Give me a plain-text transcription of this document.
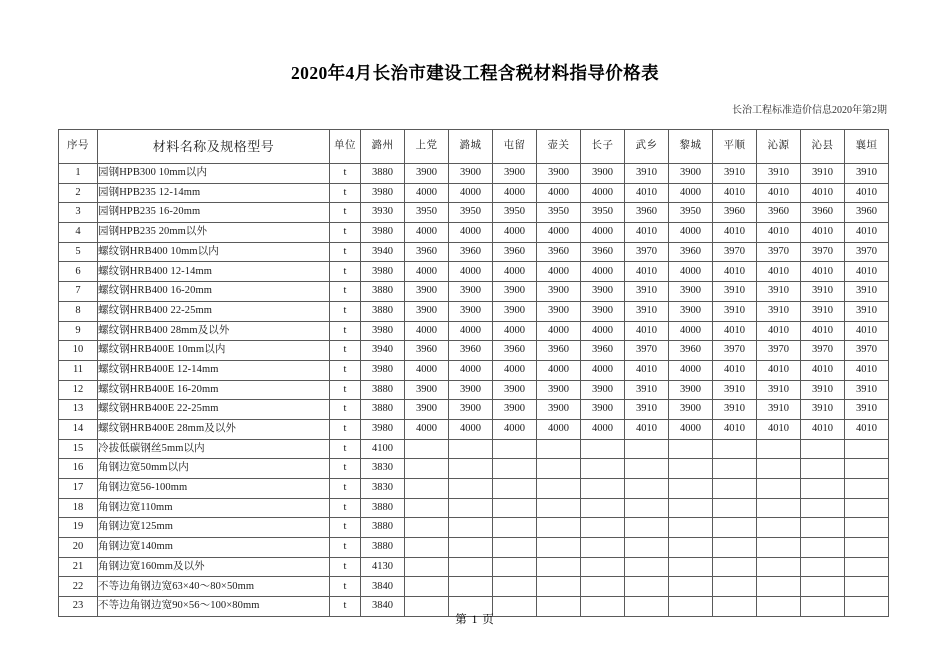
2020年4月长治市建设工程含税材料指导价格表
长治工程标准造价信息2020年第2期
序号	材料名称及规格型号	单位	潞州	上党	潞城	屯留	壶关	长子	武乡	黎城	平顺	沁源	沁县	襄垣
1	园钢HPB300 10mm以内	t	3880	3900	3900	3900	3900	3900	3910	3900	3910	3910	3910	3910
2	园钢HPB235 12-14mm	t	3980	4000	4000	4000	4000	4000	4010	4000	4010	4010	4010	4010
3	园钢HPB235 16-20mm	t	3930	3950	3950	3950	3950	3950	3960	3950	3960	3960	3960	3960
4	园钢HPB235 20mm以外	t	3980	4000	4000	4000	4000	4000	4010	4000	4010	4010	4010	4010
5	螺纹钢HRB400 10mm以内	t	3940	3960	3960	3960	3960	3960	3970	3960	3970	3970	3970	3970
6	螺纹钢HRB400 12-14mm	t	3980	4000	4000	4000	4000	4000	4010	4000	4010	4010	4010	4010
7	螺纹钢HRB400 16-20mm	t	3880	3900	3900	3900	3900	3900	3910	3900	3910	3910	3910	3910
8	螺纹钢HRB400 22-25mm	t	3880	3900	3900	3900	3900	3900	3910	3900	3910	3910	3910	3910
9	螺纹钢HRB400 28mm及以外	t	3980	4000	4000	4000	4000	4000	4010	4000	4010	4010	4010	4010
10	螺纹钢HRB400E 10mm以内	t	3940	3960	3960	3960	3960	3960	3970	3960	3970	3970	3970	3970
11	螺纹钢HRB400E 12-14mm	t	3980	4000	4000	4000	4000	4000	4010	4000	4010	4010	4010	4010
12	螺纹钢HRB400E 16-20mm	t	3880	3900	3900	3900	3900	3900	3910	3900	3910	3910	3910	3910
13	螺纹钢HRB400E 22-25mm	t	3880	3900	3900	3900	3900	3900	3910	3900	3910	3910	3910	3910
14	螺纹钢HRB400E 28mm及以外	t	3980	4000	4000	4000	4000	4000	4010	4000	4010	4010	4010	4010
15	冷拔低碳钢丝5mm以内	t	4100											
16	角钢边宽50mm以内	t	3830											
17	角钢边宽56-100mm	t	3830											
18	角钢边宽110mm	t	3880											
19	角钢边宽125mm	t	3880											
20	角钢边宽140mm	t	3880											
21	角钢边宽160mm及以外	t	4130											
22	不等边角钢边宽63×40～80×50mm	t	3840											
23	不等边角钢边宽90×56～100×80mm	t	3840											
第 1 页
